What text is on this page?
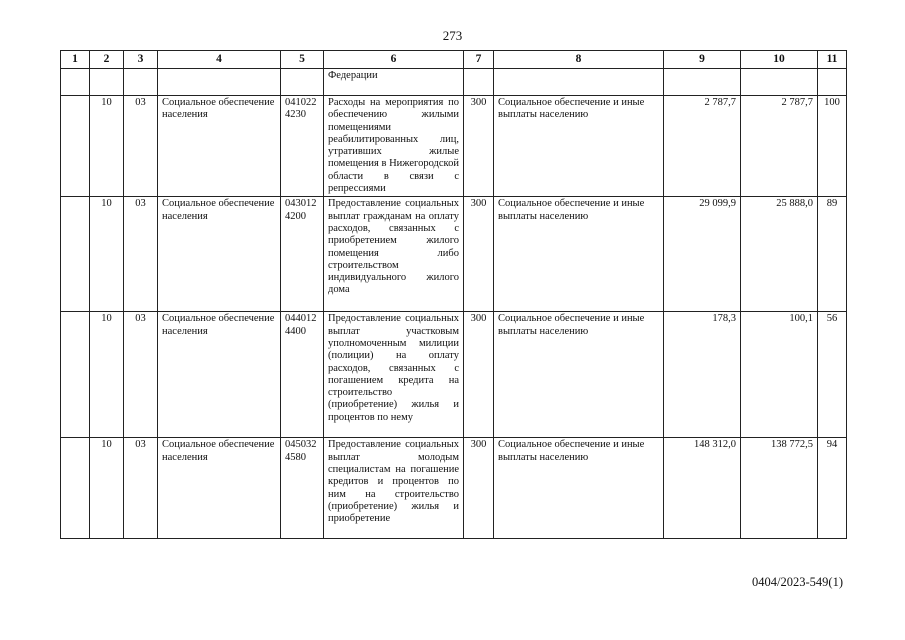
273
1	2	3	4	5	6	7	8	9	10	11
					Федерации					
	10	03	Социальное обеспечение населения	041022 4230	Расходы на мероприятия по обеспечению жилыми помещениями реабилитированных лиц, утративших жилые помещения в Нижегородской области в связи с репрессиями	300	Социальное обеспечение и иные выплаты населению	2 787,7	2 787,7	100
	10	03	Социальное обеспечение населения	043012 4200	Предоставление социальных выплат гражданам на оплату расходов, связанных с приобретением жилого помещения либо строительством индивидуального жилого дома	300	Социальное обеспечение и иные выплаты населению	29 099,9	25 888,0	89
	10	03	Социальное обеспечение населения	044012 4400	Предоставление социальных выплат участковым уполномоченным милиции (полиции) на оплату расходов, связанных с погашением кредита на строительство (приобретение) жилья и процентов по нему	300	Социальное обеспечение и иные выплаты населению	178,3	100,1	56
	10	03	Социальное обеспечение населения	045032 4580	Предоставление социальных выплат молодым специалистам на погашение кредитов и процентов по ним на строительство (приобретение) жилья и приобретение	300	Социальное обеспечение и иные выплаты населению	148 312,0	138 772,5	94
0404/2023-549(1)
